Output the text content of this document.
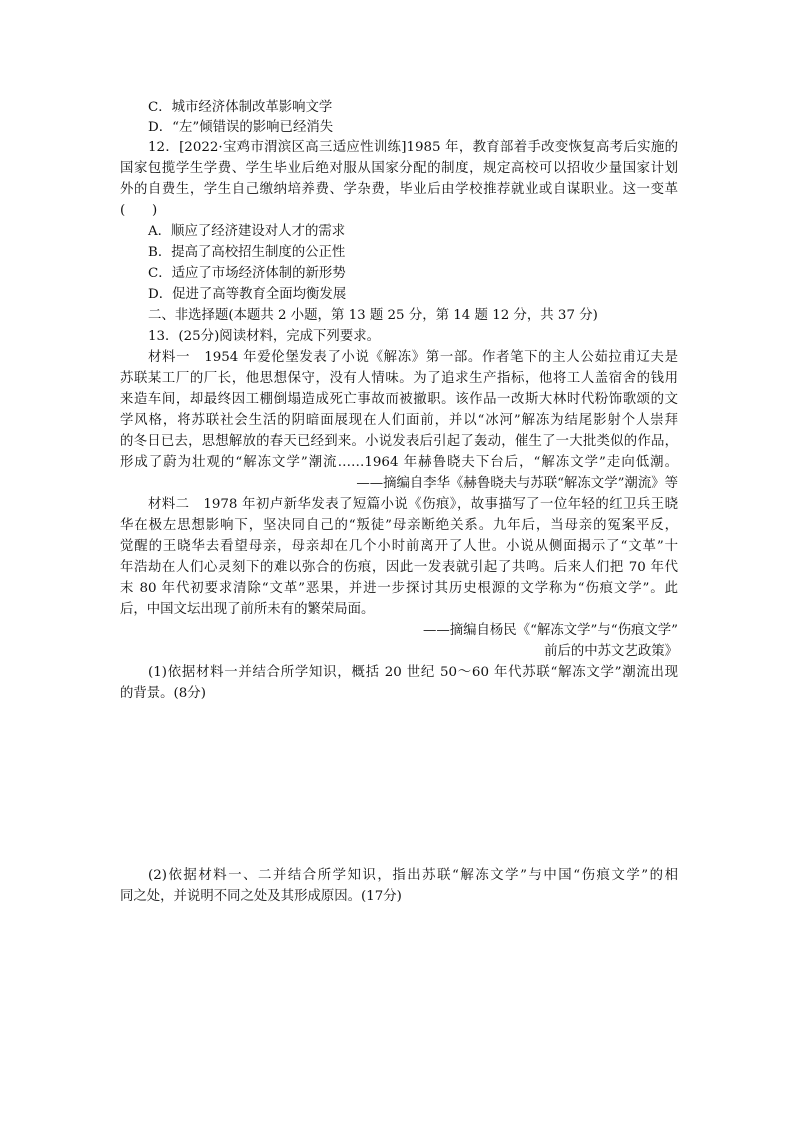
C．城市经济体制改革影响文学
D．“左”倾错误的影响已经消失
12．[2022·宝鸡市渭滨区高三适应性训练]1985 年，教育部着手改变恢复高考后实施的
国家包揽学生学费、学生毕业后绝对服从国家分配的制度，规定高校可以招收少量国家计划
外的自费生，学生自己缴纳培养费、学杂费，毕业后由学校推荐就业或自谋职业。这一变革
(　　)
A．顺应了经济建设对人才的需求
B．提高了高校招生制度的公正性
C．适应了市场经济体制的新形势
D．促进了高等教育全面均衡发展
二、非选择题(本题共 2 小题，第 13 题 25 分，第 14 题 12 分，共 37 分)
13．(25分)阅读材料，完成下列要求。
材料一　1954 年爱伦堡发表了小说《解冻》第一部。作者笔下的主人公茹拉甫辽夫是
苏联某工厂的厂长，他思想保守，没有人情味。为了追求生产指标，他将工人盖宿舍的钱用
来造车间，却最终因工棚倒塌造成死亡事故而被撤职。该作品一改斯大林时代粉饰歌颂的文
学风格，将苏联社会生活的阴暗面展现在人们面前，并以“冰河”解冻为结尾影射个人崇拜
的冬日已去，思想解放的春天已经到来。小说发表后引起了轰动，催生了一大批类似的作品，
形成了蔚为壮观的“解冻文学”潮流……1964 年赫鲁晓夫下台后，“解冻文学”走向低潮。
——摘编自李华《赫鲁晓夫与苏联“解冻文学”潮流》等
材料二　1978 年初卢新华发表了短篇小说《伤痕》，故事描写了一位年轻的红卫兵王晓
华在极左思想影响下，坚决同自己的“叛徒”母亲断绝关系。九年后，当母亲的冤案平反，
觉醒的王晓华去看望母亲，母亲却在几个小时前离开了人世。小说从侧面揭示了“文革”十
年浩劫在人们心灵刻下的难以弥合的伤痕，因此一发表就引起了共鸣。后来人们把 70 年代
末 80 年代初要求清除“文革”恶果，并进一步探讨其历史根源的文学称为“伤痕文学”。此
后，中国文坛出现了前所未有的繁荣局面。
——摘编自杨民《“解冻文学”与“伤痕文学”
前后的中苏文艺政策》
(1)依据材料一并结合所学知识，概括 20 世纪 50～60 年代苏联“解冻文学”潮流出现
的背景。(8分)
(2)依据材料一、二并结合所学知识，指出苏联“解冻文学”与中国“伤痕文学”的相
同之处，并说明不同之处及其形成原因。(17分)
